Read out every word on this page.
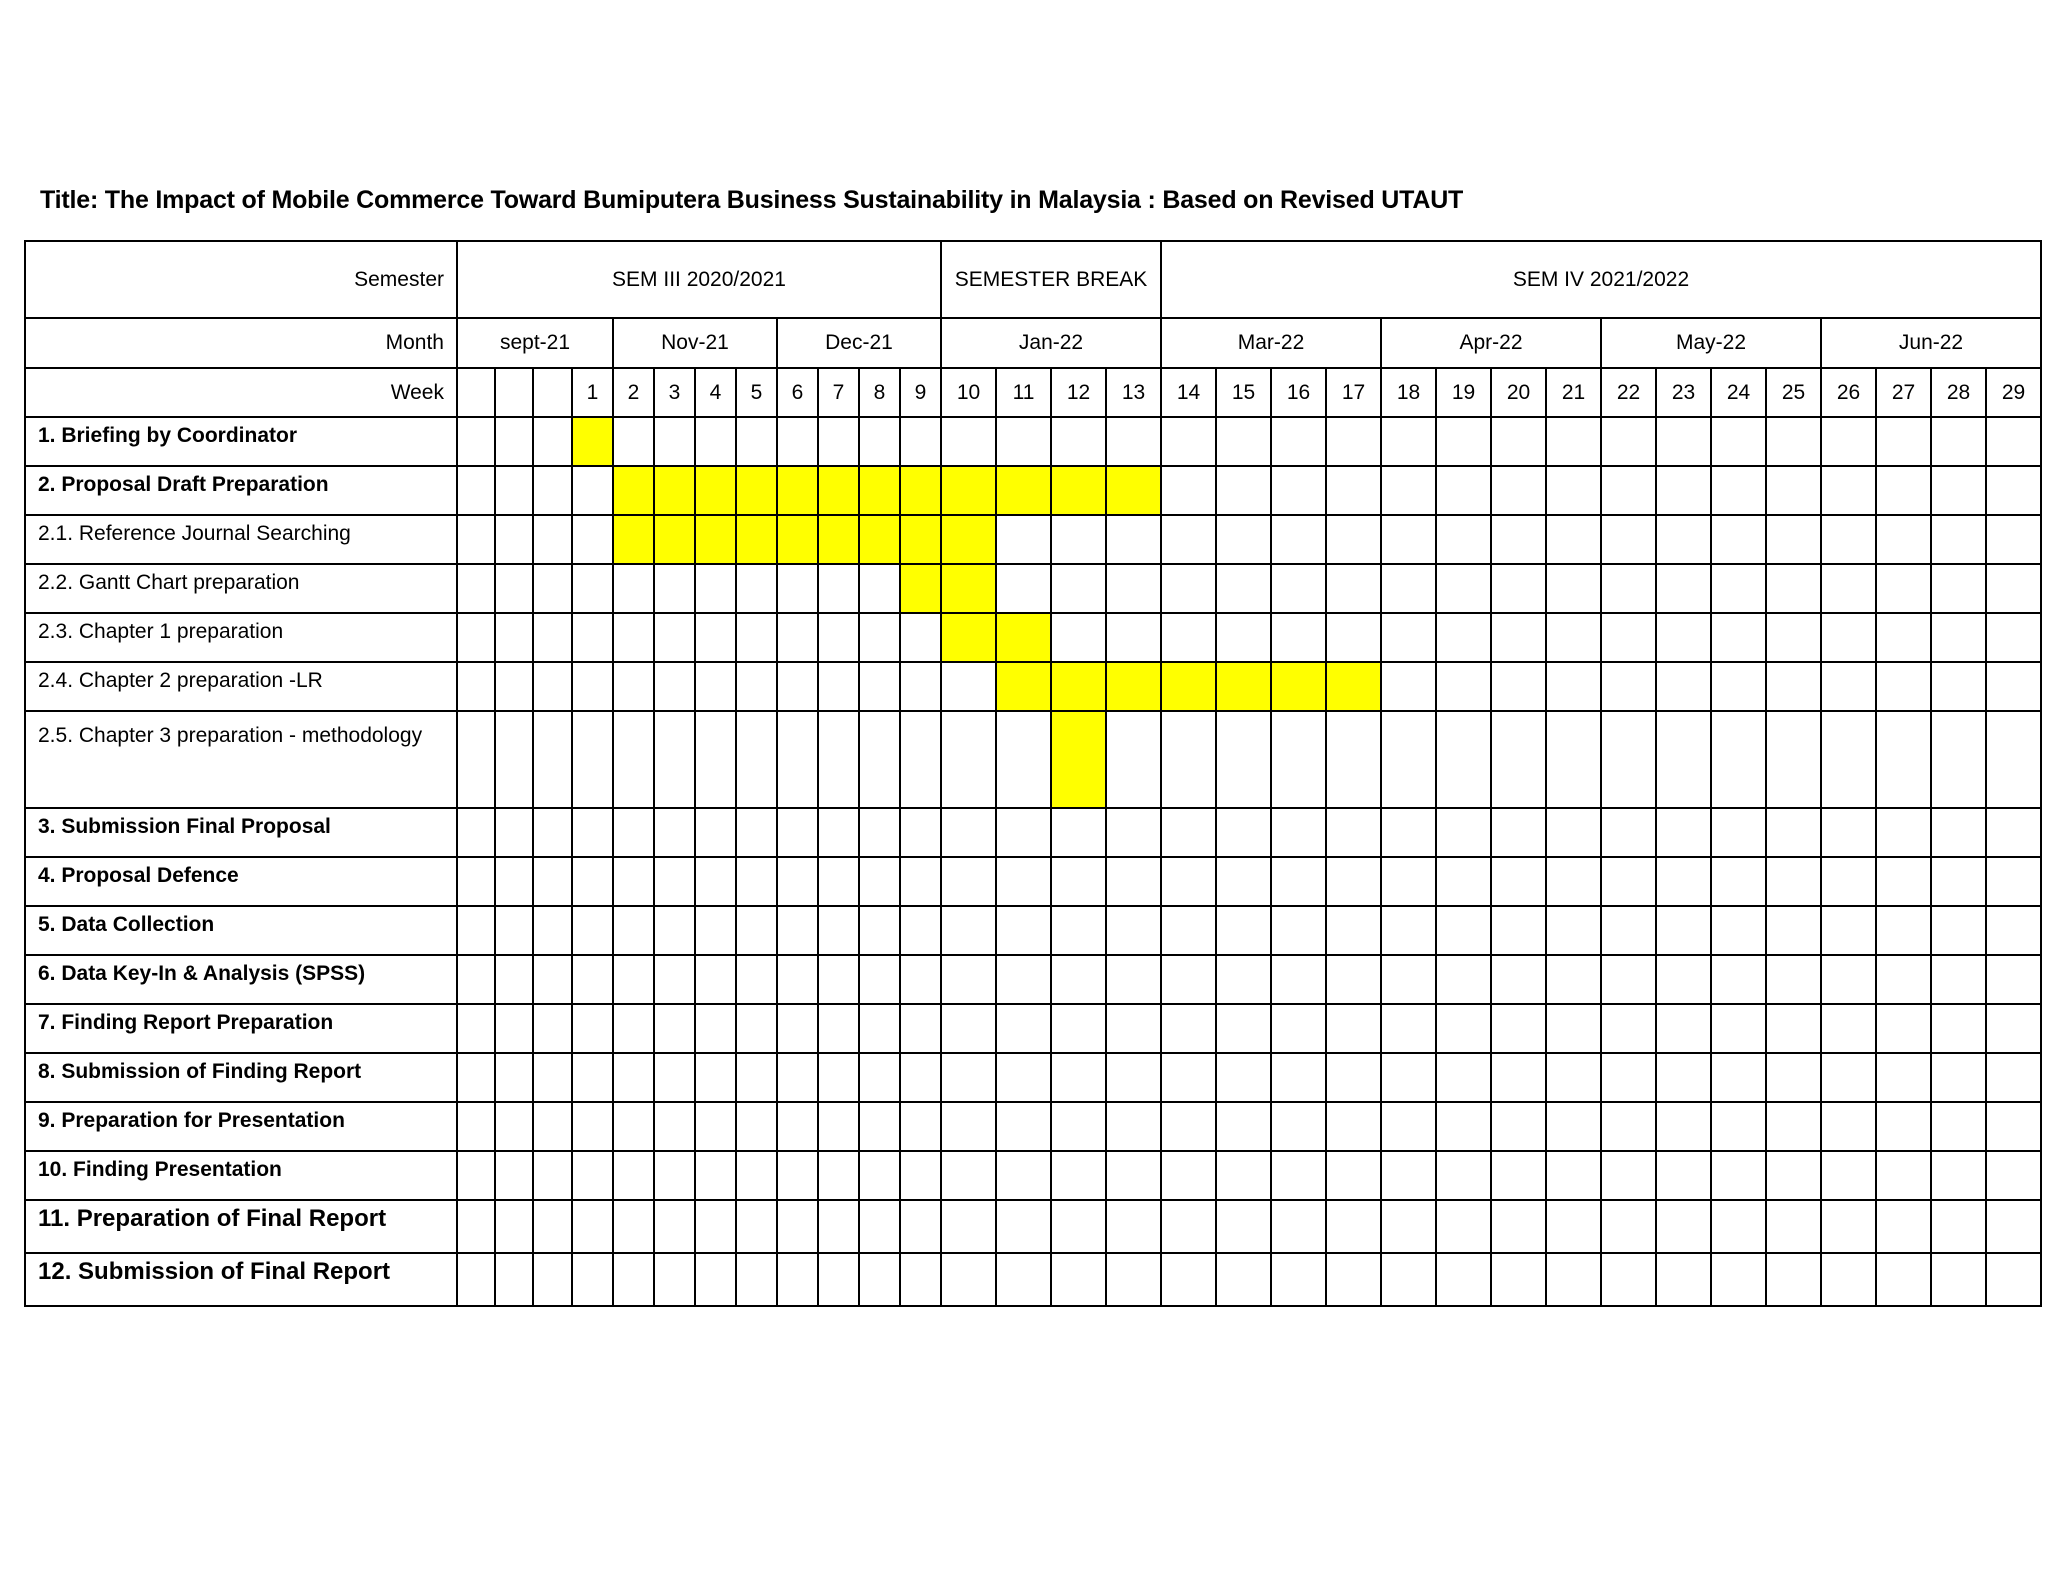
Title: The Impact of Mobile Commerce Toward Bumiputera Business Sustainability in Malaysia : Based on Revised UTAUT
Semester	SEM III 2020/2021												SEMESTER BREAK				SEM IV 2021/2022															
Month	sept-21				Nov-21				Dec-21				Jan-22				Mar-22				Apr-22				May-22				Jun-22			
Week				1	2	3	4	5	6	7	8	9	10	11	12	13	14	15	16	17	18	19	20	21	22	23	24	25	26	27	28	29
1. Briefing by Coordinator																																
2. Proposal Draft Preparation																																
2.1. Reference Journal Searching																																
2.2. Gantt Chart preparation																																
2.3. Chapter 1 preparation																																
2.4. Chapter 2 preparation -LR																																
2.5. Chapter 3 preparation - methodology																																
3. Submission Final Proposal																																
4. Proposal Defence																																
5. Data Collection																																
6. Data Key-In & Analysis (SPSS)																																
7. Finding Report Preparation																																
8. Submission of Finding Report																																
9. Preparation for Presentation																																
10. Finding Presentation																																
11. Preparation of Final Report																																
12. Submission of Final Report																																
